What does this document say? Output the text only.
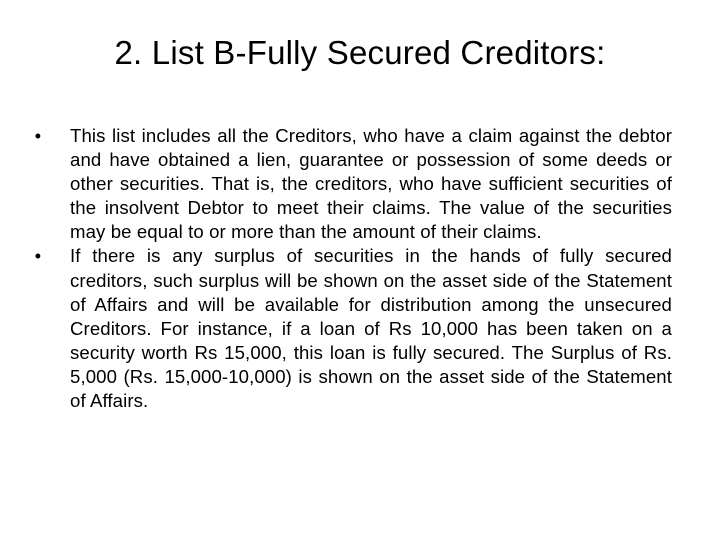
2. List B-Fully Secured Creditors:
• This list includes all the Creditors, who have a claim against the debtor and have obtained a lien, guarantee or possession of some deeds or other securities. That is, the creditors, who have sufficient securities of the insolvent Debtor to meet their claims. The value of the securities may be equal to or more than the amount of their claims.
• If there is any surplus of securities in the hands of fully secured creditors, such surplus will be shown on the asset side of the Statement of Affairs and will be available for distribution among the unsecured Creditors. For instance, if a loan of Rs 10,000 has been taken on a security worth Rs 15,000, this loan is fully secured. The Surplus of Rs. 5,000 (Rs. 15,000-10,000) is shown on the asset side of the Statement of Affairs.
